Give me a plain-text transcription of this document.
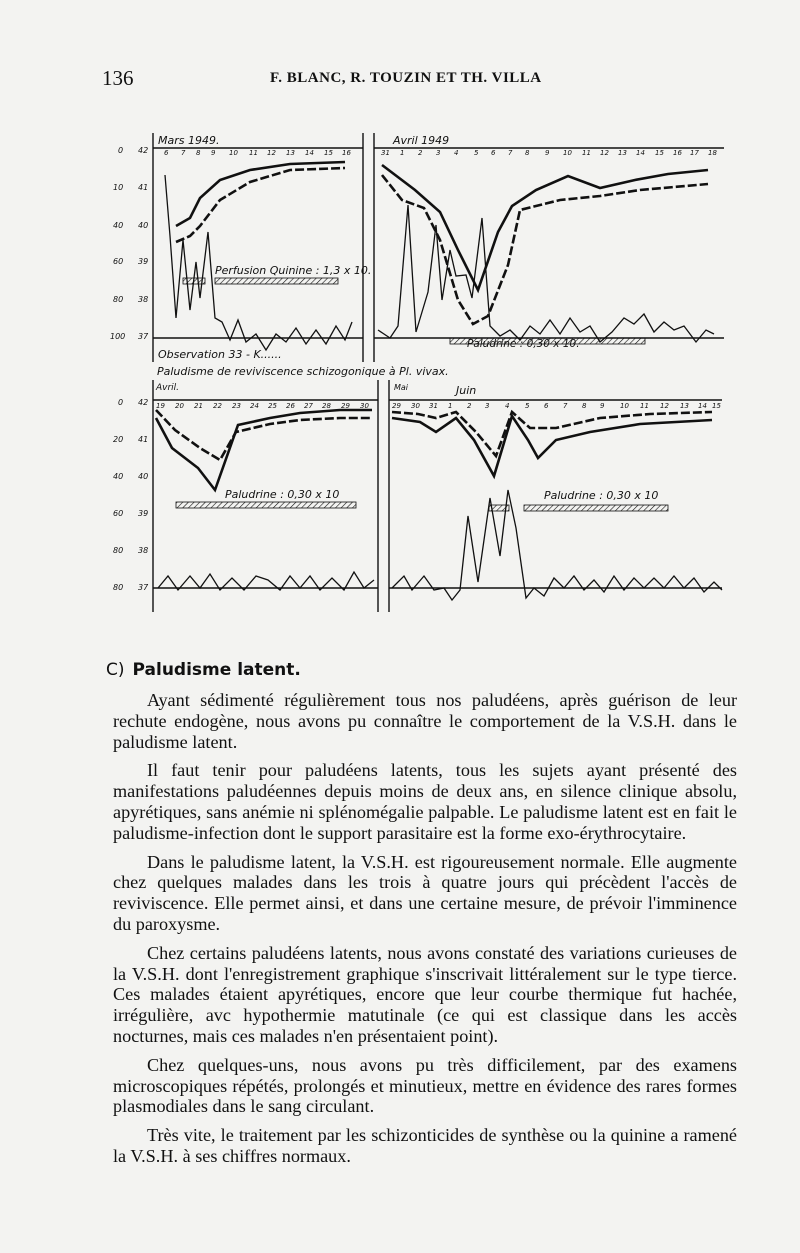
136	F. BLANC, R. TOUZIN ET TH. VILLA
0
10
40
60
80
100
42
41
40
39
38
37
Mars 1949.
6 7 8 9 10 11 12 13 14 15 16
Perfusion Quinine : 1,3 x 10.
Observation 33 - K......
Avril 1949
31 1 2 3 4 5 6 7 8 9 10 11 12 13 14 15 16 17 18
Paludrine : 0,30 x 10.
Paludisme de reviviscence schizogonique à Pl. vivax.
0
20
40
60
80
80
42
41
40
39
38
37
Avril.
19 20 21 22 23 24 25 26 27 28 29 30
Paludrine : 0,30 x 10
Mai	Juin
29 30 31 1 2 3 4 5 6 7 8 9 10 11 12 13 14 15
Paludrine : 0,30 x 10
C) Paludisme latent.

Ayant sédimenté régulièrement tous nos paludéens, après guérison de leur rechute endogène, nous avons pu connaître le comportement de la V.S.H. dans le paludisme latent.

Il faut tenir pour paludéens latents, tous les sujets ayant présenté des manifestations paludéennes depuis moins de deux ans, en silence clinique absolu, apyrétiques, sans anémie ni splénomégalie palpable. Le paludisme latent est en fait le paludisme-infection dont le support parasitaire est la forme exo-érythrocytaire.

Dans le paludisme latent, la V.S.H. est rigoureusement normale. Elle augmente chez quelques malades dans les trois à quatre jours qui précèdent l'accès de reviviscence. Elle permet ainsi, et dans une certaine mesure, de prévoir l'imminence du paroxysme.

Chez certains paludéens latents, nous avons constaté des variations curieuses de la V.S.H. dont l'enregistrement graphique s'inscrivait littéralement sur le type tierce. Ces malades étaient apyrétiques, encore que leur courbe thermique fut hachée, irrégulière, avc hypothermie matutinale (ce qui est classique dans les accès nocturnes, mais ces malades n'en présentaient point).

Chez quelques-uns, nous avons pu très difficilement, par des examens microscopiques répétés, prolongés et minutieux, mettre en évidence des rares formes plasmodiales dans le sang circulant.

Très vite, le traitement par les schizonticides de synthèse ou la quinine a ramené la V.S.H. à ses chiffres normaux.
